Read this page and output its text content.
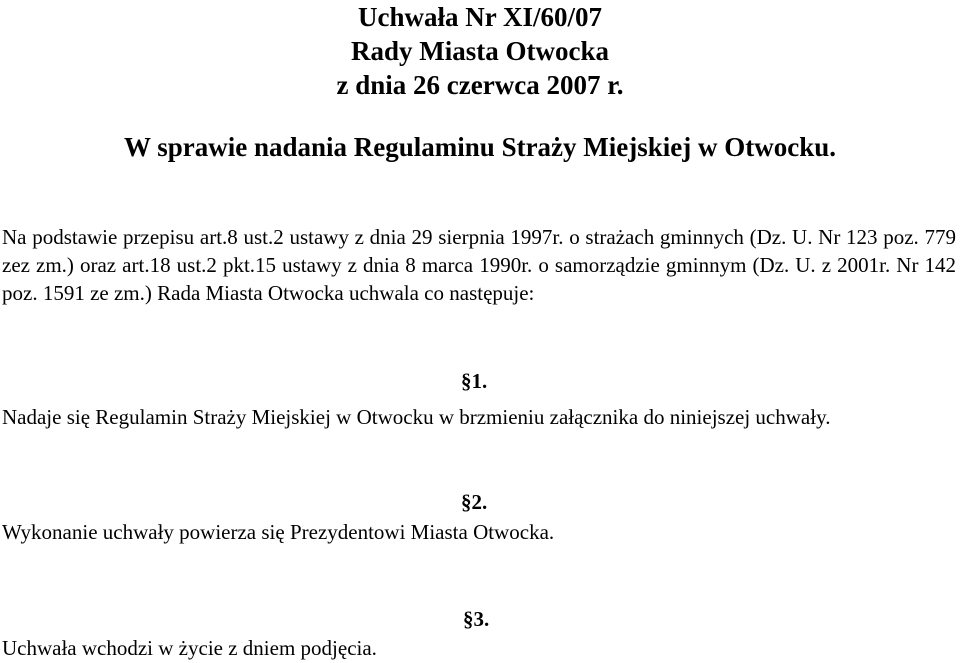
Uchwała Nr XI/60/07
Rady Miasta Otwocka
z dnia 26 czerwca 2007 r.
W sprawie nadania Regulaminu Straży Miejskiej w Otwocku.
Na podstawie przepisu art.8 ust.2 ustawy z dnia 29 sierpnia 1997r. o strażach gminnych (Dz. U. Nr 123 poz. 779 zez zm.) oraz art.18 ust.2 pkt.15 ustawy z dnia 8 marca 1990r. o samorządzie gminnym (Dz. U. z 2001r. Nr 142 poz. 1591 ze zm.) Rada Miasta Otwocka uchwala co następuje:
§1.
Nadaje się Regulamin Straży Miejskiej w Otwocku w brzmieniu załącznika do niniejszej uchwały.
§2.
Wykonanie uchwały powierza się Prezydentowi Miasta Otwocka.
§3.
Uchwała wchodzi w życie z dniem podjęcia.
